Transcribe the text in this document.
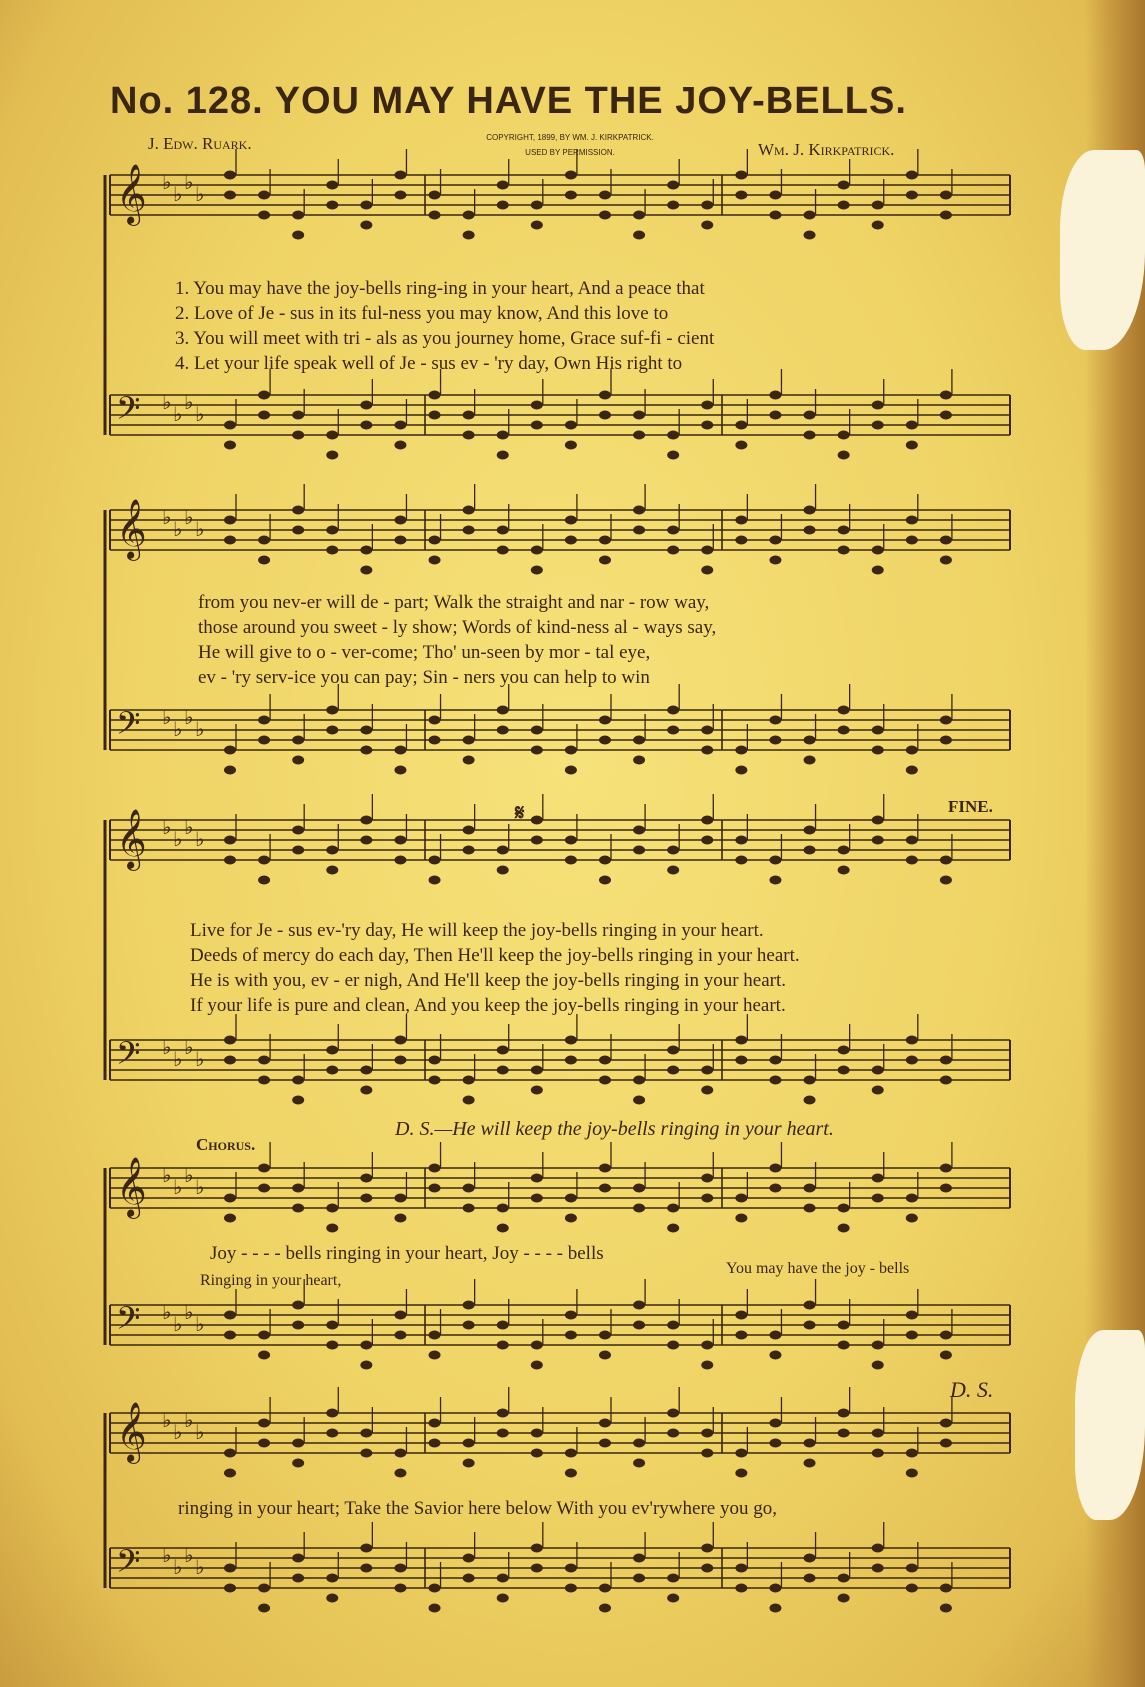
No. 128. YOU MAY HAVE THE JOY-BELLS.
J. Edw. Ruark.	COPYRIGHT, 1899, BY WM. J. KIRKPATRICK.
USED BY PERMISSION.	Wm. J. Kirkpatrick.
𝄞 ♭ ♭ ♭ ♭
𝄢 ♭ ♭ ♭ ♭
𝄞 ♭ ♭ ♭ ♭
𝄢 ♭ ♭ ♭ ♭
𝄞 ♭ ♭ ♭ ♭
𝄢 ♭ ♭ ♭ ♭
𝄞 ♭ ♭ ♭ ♭
𝄢 ♭ ♭ ♭ ♭
𝄞 ♭ ♭ ♭ ♭
𝄢 ♭ ♭ ♭ ♭
1. You may have the joy-bells ring-ing in your heart, And a peace that
2. Love of Je - sus in its ful-ness you may know, And this love to
3. You will meet with tri - als as you journey home, Grace suf-fi - cient
4. Let your life speak well of Je - sus ev - 'ry day, Own His right to
from you nev-er will de - part; Walk the straight and nar - row way,
those around you sweet - ly show; Words of kind-ness al - ways say,
He will give to o - ver-come; Tho' un-seen by mor - tal eye,
ev - 'ry serv-ice you can pay; Sin - ners you can help to win
𝄋	FINE.
Live for Je - sus ev-'ry day, He will keep the joy-bells ringing in your heart.
Deeds of mercy do each day, Then He'll keep the joy-bells ringing in your heart.
He is with you, ev - er nigh, And He'll keep the joy-bells ringing in your heart.
If your life is pure and clean, And you keep the joy-bells ringing in your heart.
Chorus.
D. S.—He will keep the joy-bells ringing in your heart.
Joy - - - - bells ringing in your heart, Joy - - - - bells
Ringing in your heart,
You may have the joy - bells
D. S.
ringing in your heart; Take the Savior here below With you ev'rywhere you go,
